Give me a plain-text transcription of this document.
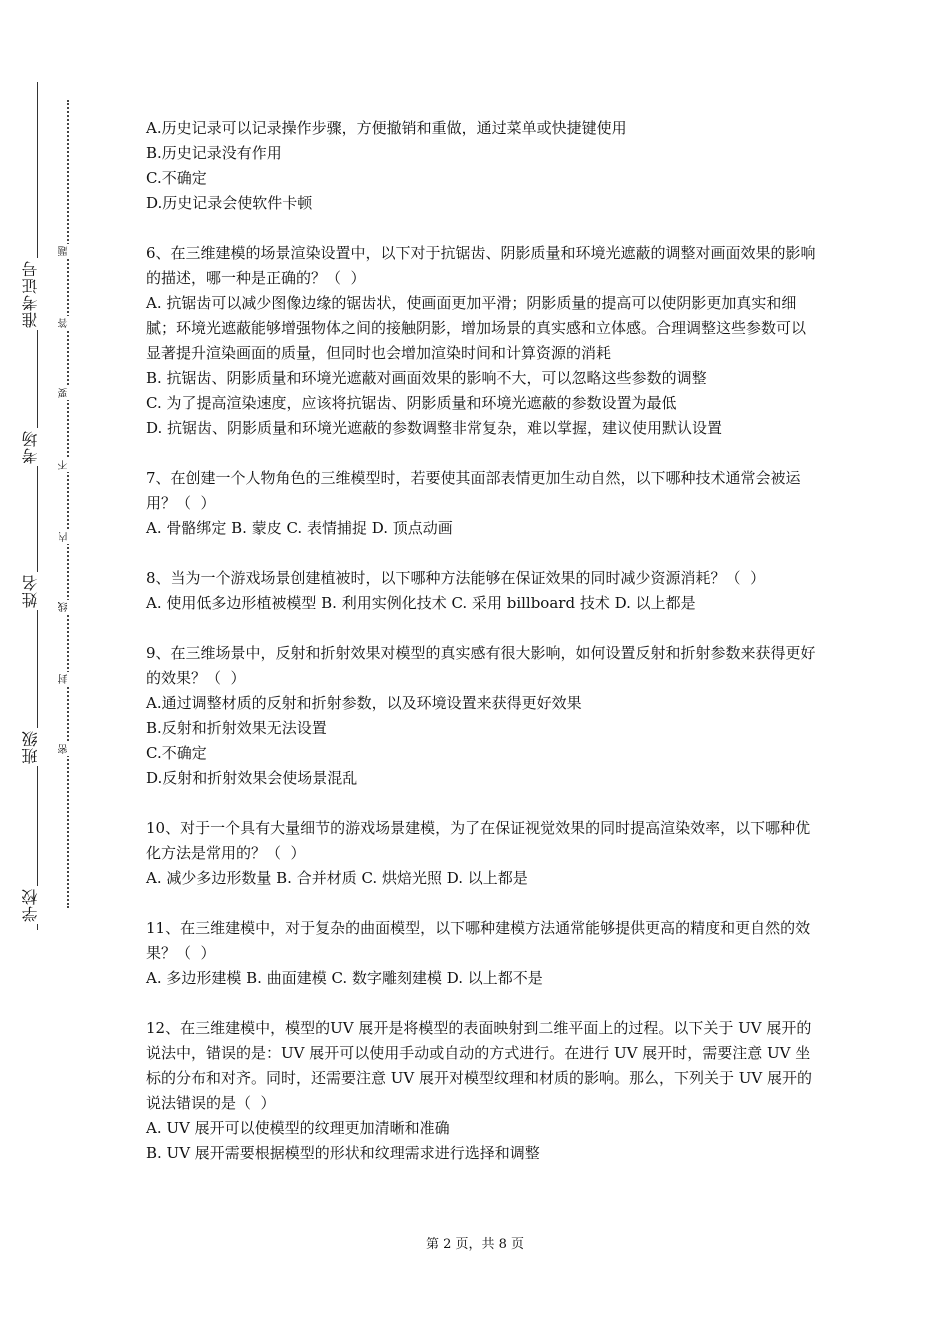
准考证号
考场
姓名
班级
学校
题
答
要
不
内
线
封
密
A.历史记录可以记录操作步骤，方便撤销和重做，通过菜单或快捷键使用
B.历史记录没有作用
C.不确定
D.历史记录会使软件卡顿
6、在三维建模的场景渲染设置中，以下对于抗锯齿、阴影质量和环境光遮蔽的调整对画面效果的影响的描述，哪一种是正确的？（  ）
A. 抗锯齿可以减少图像边缘的锯齿状，使画面更加平滑；阴影质量的提高可以使阴影更加真实和细腻；环境光遮蔽能够增强物体之间的接触阴影，增加场景的真实感和立体感。合理调整这些参数可以显著提升渲染画面的质量，但同时也会增加渲染时间和计算资源的消耗
B. 抗锯齿、阴影质量和环境光遮蔽对画面效果的影响不大，可以忽略这些参数的调整
C. 为了提高渲染速度，应该将抗锯齿、阴影质量和环境光遮蔽的参数设置为最低
D. 抗锯齿、阴影质量和环境光遮蔽的参数调整非常复杂，难以掌握，建议使用默认设置
7、在创建一个人物角色的三维模型时，若要使其面部表情更加生动自然，以下哪种技术通常会被运用？（  ）
A. 骨骼绑定 B. 蒙皮 C. 表情捕捉 D. 顶点动画
8、当为一个游戏场景创建植被时，以下哪种方法能够在保证效果的同时减少资源消耗？（  ）
A. 使用低多边形植被模型 B. 利用实例化技术 C. 采用 billboard 技术 D. 以上都是
9、在三维场景中，反射和折射效果对模型的真实感有很大影响，如何设置反射和折射参数来获得更好的效果？（  ）
A.通过调整材质的反射和折射参数，以及环境设置来获得更好效果
B.反射和折射效果无法设置
C.不确定
D.反射和折射效果会使场景混乱
10、对于一个具有大量细节的游戏场景建模，为了在保证视觉效果的同时提高渲染效率，以下哪种优化方法是常用的？（  ）
A. 减少多边形数量 B. 合并材质 C. 烘焙光照 D. 以上都是
11、在三维建模中，对于复杂的曲面模型，以下哪种建模方法通常能够提供更高的精度和更自然的效果？（  ）
A. 多边形建模 B. 曲面建模 C. 数字雕刻建模 D. 以上都不是
12、在三维建模中，模型的UV 展开是将模型的表面映射到二维平面上的过程。以下关于 UV 展开的说法中，错误的是：UV 展开可以使用手动或自动的方式进行。在进行 UV 展开时，需要注意 UV 坐标的分布和对齐。同时，还需要注意 UV 展开对模型纹理和材质的影响。那么，下列关于 UV 展开的说法错误的是（  ）
A. UV 展开可以使模型的纹理更加清晰和准确
B. UV 展开需要根据模型的形状和纹理需求进行选择和调整
第 2 页，共 8 页
